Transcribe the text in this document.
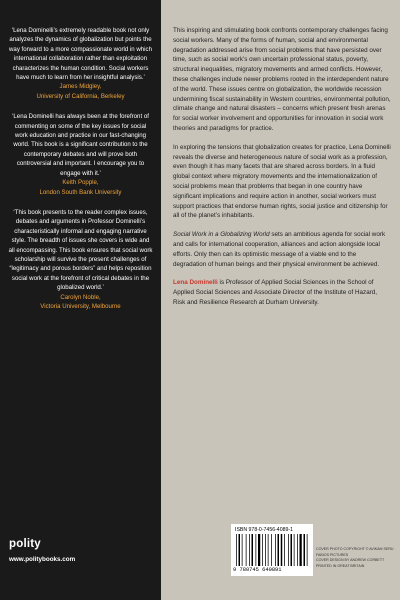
‘Lena Dominelli’s extremely readable book not only analyzes the dynamics of globalization but points the way forward to a more compassionate world in which international collaboration rather than exploitation characterizes the human condition. Social workers have much to learn from her insightful analysis.’

James Midgley,

University of California, Berkeley

‘Lena Dominelli has always been at the forefront of commenting on some of the key issues for social work education and practice in our fast-changing world. This book is a significant contribution to the contemporary debates and will prove both controversial and important. I encourage you to engage with it.’

Keith Popple,

London South Bank University

‘This book presents to the reader complex issues, debates and arguments in Professor Dominelli’s characteristically informal and engaging narrative style. The breadth of issues she covers is wide and all encompassing. This book ensures that social work scholarship will survive the present challenges of “legitimacy and porous borders” and helps reposition social work at the forefront of critical debates in the globalized world.’

Carolyn Noble,

Victoria University, Melbourne

polity
www.politybooks.com

This inspiring and stimulating book confronts contemporary challenges facing social workers. Many of the forms of human, social and environmental degradation addressed arise from social problems that have persisted over time, such as social work’s own uncertain professional status, poverty, structural inequalities, migratory movements and armed conflicts. However, these challenges include newer problems rooted in the interdependent nature of the world. These issues centre on globalization, the worldwide recession undermining fiscal sustainability in Western countries, environmental pollution, climate change and natural disasters – concerns which present fresh arenas for social worker involvement and opportunities for innovation in social work theories and paradigms for practice.

In exploring the tensions that globalization creates for practice, Lena Dominelli reveals the diverse and heterogeneous nature of social work as a profession, even though it has many facets that are shared across borders. In a fluid global context where migratory movements and the internationalization of social problems mean that problems that began in one country have significant implications and require action in another, social workers must support practices that endorse human rights, social justice and citizenship for all of the planet’s inhabitants.

Social Work in a Globalizing World sets an ambitious agenda for social work and calls for international cooperation, alliances and action alongside local efforts. Only then can its optimistic message of a viable end to the degradation of human beings and their physical environment be achieved.

Lena Dominelli is Professor of Applied Social Sciences in the School of Applied Social Sciences and Associate Director of the Institute of Hazard, Risk and Resilience Research at Durham University.

ISBN 978-0-7456-4089-1
9 780745 640891
COVER PHOTO COPYRIGHT © AVIKAM SERU
FABIOS PICTURES
COVER DESIGN BY ANDREW CORBETT
PRINTED IN GREAT BRITAIN
